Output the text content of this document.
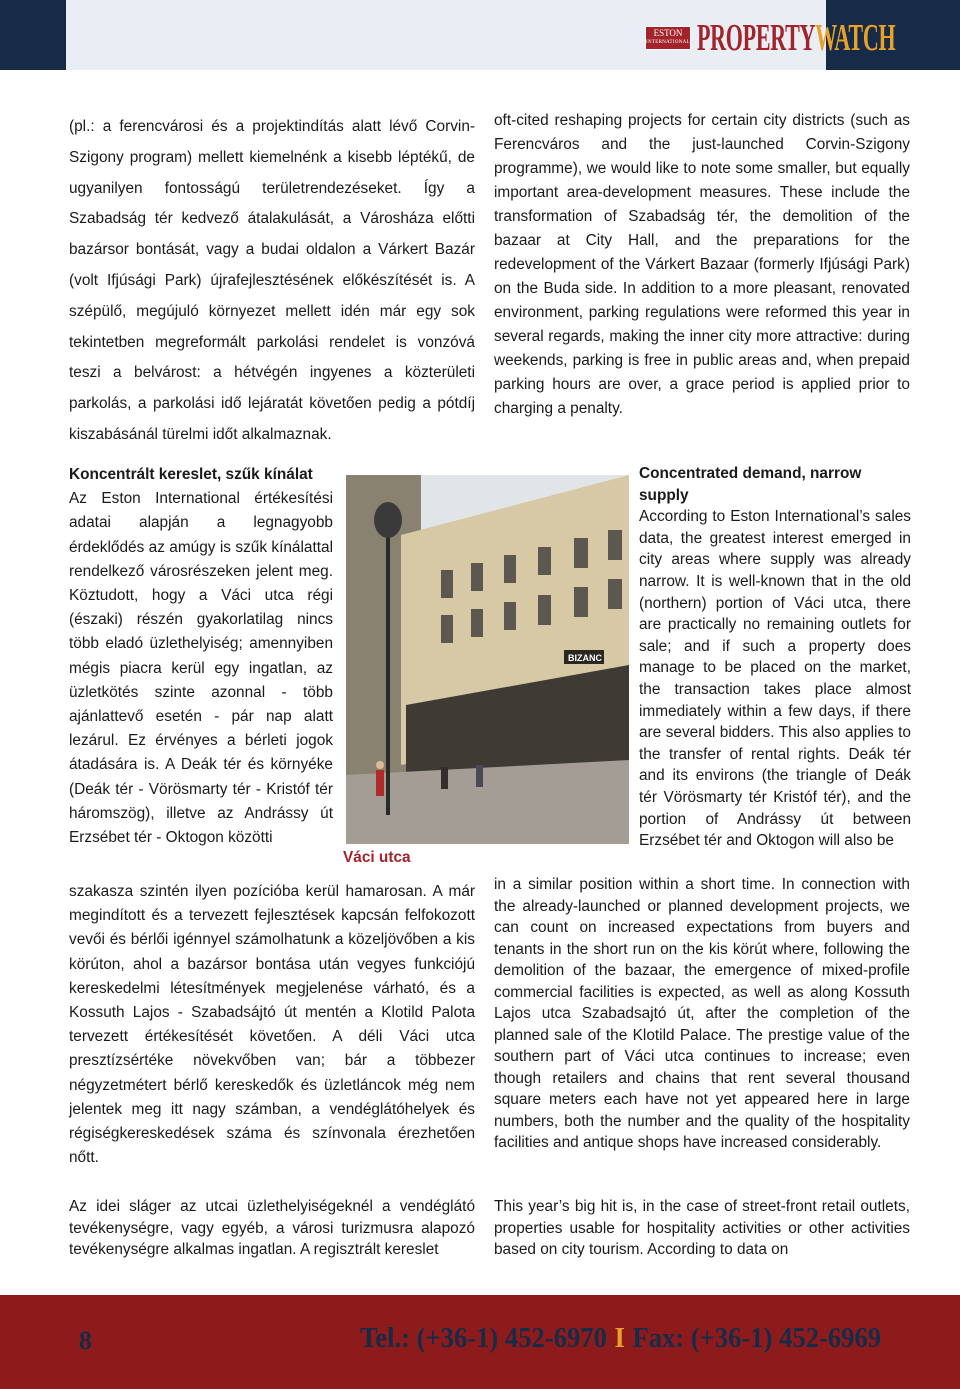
ESTON
INTERNATIONAL PROPERTYWATCH

(pl.: a ferencvárosi és a projektindítás alatt lévő Corvin-Szigony program) mellett kiemelnénk a kisebb léptékű, de ugyanilyen fontosságú területrendezéseket. Így a Szabadság tér kedvező átalakulását, a Városháza előtti bazársor bontását, vagy a budai oldalon a Várkert Bazár (volt Ifjúsági Park) újrafejlesztésének előkészítését is. A szépülő, megújuló környezet mellett idén már egy sok tekintetben megreformált parkolási rendelet is vonzóvá teszi a belvárost: a hétvégén ingyenes a közterületi parkolás, a parkolási idő lejáratát követően pedig a pótdíj kiszabásánál türelmi időt alkalmaznak.

oft-cited reshaping projects for certain city districts (such as Ferencváros and the just-launched Corvin-Szigony programme), we would like to note some smaller, but equally important area-development measures. These include the transformation of Szabadság tér, the demolition of the bazaar at City Hall, and the preparations for the redevelopment of the Várkert Bazaar (formerly Ifjúsági Park) on the Buda side. In addition to a more pleasant, renovated environment, parking regulations were reformed this year in several regards, making the inner city more attractive: during weekends, parking is free in public areas and, when prepaid parking hours are over, a grace period is applied prior to charging a penalty.

Koncentrált kereslet, szűk kínálat

Az Eston International értékesítési adatai alapján a legnagyobb érdeklődés az amúgy is szűk kínálattal rendelkező városrészeken jelent meg. Köztudott, hogy a Váci utca régi (északi) részén gyakorlatilag nincs több eladó üzlethelyiség; amennyiben mégis piacra kerül egy ingatlan, az üzletkötés szinte azonnal - több ajánlattevő esetén - pár nap alatt lezárul. Ez érvényes a bérleti jogok átadására is. A Deák tér és környéke (Deák tér - Vörösmarty tér - Kristóf tér háromszög), illetve az Andrássy út Erzsébet tér - Oktogon közötti

BIZANC
Váci utca

Concentrated demand, narrow supply

According to Eston International’s sales data, the greatest interest emerged in city areas where supply was already narrow. It is well-known that in the old (northern) portion of Váci utca, there are practically no remaining outlets for sale; and if such a property does manage to be placed on the market, the transaction takes place almost immediately within a few days, if there are several bidders. This also applies to the transfer of rental rights. Deák tér and its environs (the triangle of Deák tér Vörösmarty tér Kristóf tér), and the portion of Andrássy út between Erzsébet tér and Oktogon will also be

szakasza szintén ilyen pozícióba kerül hamarosan. A már megindított és a tervezett fejlesztések kapcsán felfokozott vevői és bérlői igénnyel számolhatunk a közeljövőben a kis körúton, ahol a bazársor bontása után vegyes funkciójú kereskedelmi létesítmények megjelenése várható, és a Kossuth Lajos - Szabadsájtó út mentén a Klotild Palota tervezett értékesítését követően. A déli Váci utca presztízsértéke növekvőben van; bár a többezer négyzetmétert bérlő kereskedők és üzletláncok még nem jelentek meg itt nagy számban, a vendéglátóhelyek és régiségkereskedések száma és színvonala érezhetően nőtt.

in a similar position within a short time. In connection with the already-launched or planned development projects, we can count on increased expectations from buyers and tenants in the short run on the kis körút where, following the demolition of the bazaar, the emergence of mixed-profile commercial facilities is expected, as well as along Kossuth Lajos utca Szabadsajtó út, after the completion of the planned sale of the Klotild Palace. The prestige value of the southern part of Váci utca continues to increase; even though retailers and chains that rent several thousand square meters each have not yet appeared here in large numbers, both the number and the quality of the hospitality facilities and antique shops have increased considerably.

Az idei sláger az utcai üzlethelyiségeknél a vendéglátó tevékenységre, vagy egyéb, a városi turizmusra alapozó tevékenységre alkalmas ingatlan. A regisztrált kereslet

This year’s big hit is, in the case of street-front retail outlets, properties usable for hospitality activities or other activities based on city tourism. According to data on

8	Tel.: (+36-1) 452-6970 I Fax: (+36-1) 452-6969
